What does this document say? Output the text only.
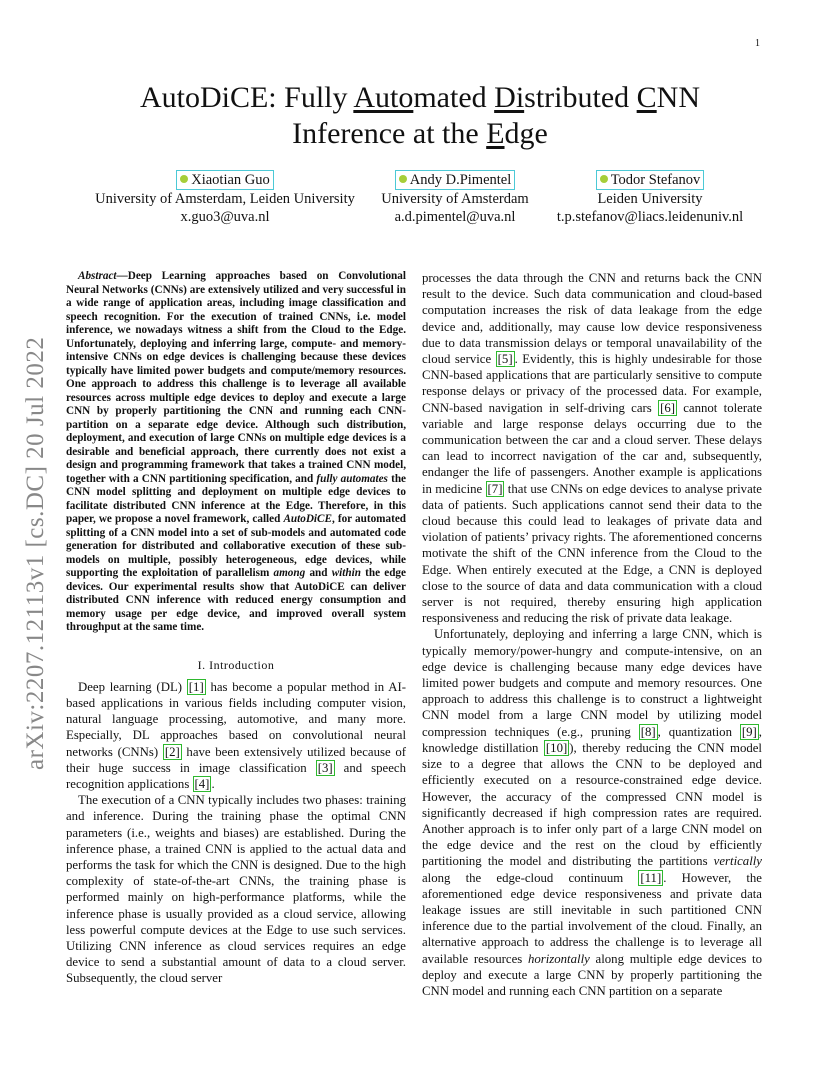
1
arXiv:2207.12113v1 [cs.DC] 20 Jul 2022
AutoDiCE: Fully Automated Distributed CNN
Inference at the Edge
Xiaotian Guo
University of Amsterdam, Leiden University
x.guo3@uva.nl
Andy D.Pimentel
University of Amsterdam
a.d.pimentel@uva.nl
Todor Stefanov
Leiden University
t.p.stefanov@liacs.leidenuniv.nl

Abstract—Deep Learning approaches based on Convolutional Neural Networks (CNNs) are extensively utilized and very successful in a wide range of application areas, including image classification and speech recognition. For the execution of trained CNNs, i.e. model inference, we nowadays witness a shift from the Cloud to the Edge. Unfortunately, deploying and inferring large, compute- and memory-intensive CNNs on edge devices is challenging because these devices typically have limited power budgets and compute/memory resources. One approach to address this challenge is to leverage all available resources across multiple edge devices to deploy and execute a large CNN by properly partitioning the CNN and running each CNN-partition on a separate edge device. Although such distribution, deployment, and execution of large CNNs on multiple edge devices is a desirable and beneficial approach, there currently does not exist a design and programming framework that takes a trained CNN model, together with a CNN partitioning specification, and fully automates the CNN model splitting and deployment on multiple edge devices to facilitate distributed CNN inference at the Edge. Therefore, in this paper, we propose a novel framework, called AutoDiCE, for automated splitting of a CNN model into a set of sub-models and automated code generation for distributed and collaborative execution of these sub-models on multiple, possibly heterogeneous, edge devices, while supporting the exploitation of parallelism among and within the edge devices. Our experimental results show that AutoDiCE can deliver distributed CNN inference with reduced energy consumption and memory usage per edge device, and improved overall system throughput at the same time.

I. Introduction

Deep learning (DL) [1] has become a popular method in AI-based applications in various fields including computer vision, natural language processing, automotive, and many more. Especially, DL approaches based on convolutional neural networks (CNNs) [2] have been extensively utilized because of their huge success in image classification [3] and speech recognition applications [4] .

The execution of a CNN typically includes two phases: training and inference. During the training phase the optimal CNN parameters (i.e., weights and biases) are established. During the inference phase, a trained CNN is applied to the actual data and performs the task for which the CNN is designed. Due to the high complexity of state-of-the-art CNNs, the training phase is performed mainly on high-performance platforms, while the inference phase is usually provided as a cloud service, allowing less powerful compute devices at the Edge to use such services. Utilizing CNN inference as cloud services requires an edge device to send a substantial amount of data to a cloud server. Subsequently, the cloud server

processes the data through the CNN and returns back the CNN result to the device. Such data communication and cloud-based computation increases the risk of data leakage from the edge device and, additionally, may cause low device responsiveness due to data transmission delays or temporal unavailability of the cloud service [5] . Evidently, this is highly undesirable for those CNN-based applications that are particularly sensitive to compute response delays or privacy of the processed data. For example, CNN-based navigation in self-driving cars [6] cannot tolerate variable and large response delays occurring due to the communication between the car and a cloud server. These delays can lead to incorrect navigation of the car and, subsequently, endanger the life of passengers. Another example is applications in medicine [7] that use CNNs on edge devices to analyse private data of patients. Such applications cannot send their data to the cloud because this could lead to leakages of private data and violation of patients’ privacy rights. The aforementioned concerns motivate the shift of the CNN inference from the Cloud to the Edge. When entirely executed at the Edge, a CNN is deployed close to the source of data and data communication with a cloud server is not required, thereby ensuring high application responsiveness and reducing the risk of private data leakage.

Unfortunately, deploying and inferring a large CNN, which is typically memory/power-hungry and compute-intensive, on an edge device is challenging because many edge devices have limited power budgets and compute and memory resources. One approach to address this challenge is to construct a lightweight CNN model from a large CNN model by utilizing model compression techniques (e.g., pruning [8] , quantization [9] , knowledge distillation [10] ), thereby reducing the CNN model size to a degree that allows the CNN to be deployed and efficiently executed on a resource-constrained edge device. However, the accuracy of the compressed CNN model is significantly decreased if high compression rates are required. Another approach is to infer only part of a large CNN model on the edge device and the rest on the cloud by efficiently partitioning the model and distributing the partitions vertically along the edge-cloud continuum [11] . However, the aforementioned edge device responsiveness and private data leakage issues are still inevitable in such partitioned CNN inference due to the partial involvement of the cloud. Finally, an alternative approach to address the challenge is to leverage all available resources horizontally along multiple edge devices to deploy and execute a large CNN by properly partitioning the CNN model and running each CNN partition on a separate
